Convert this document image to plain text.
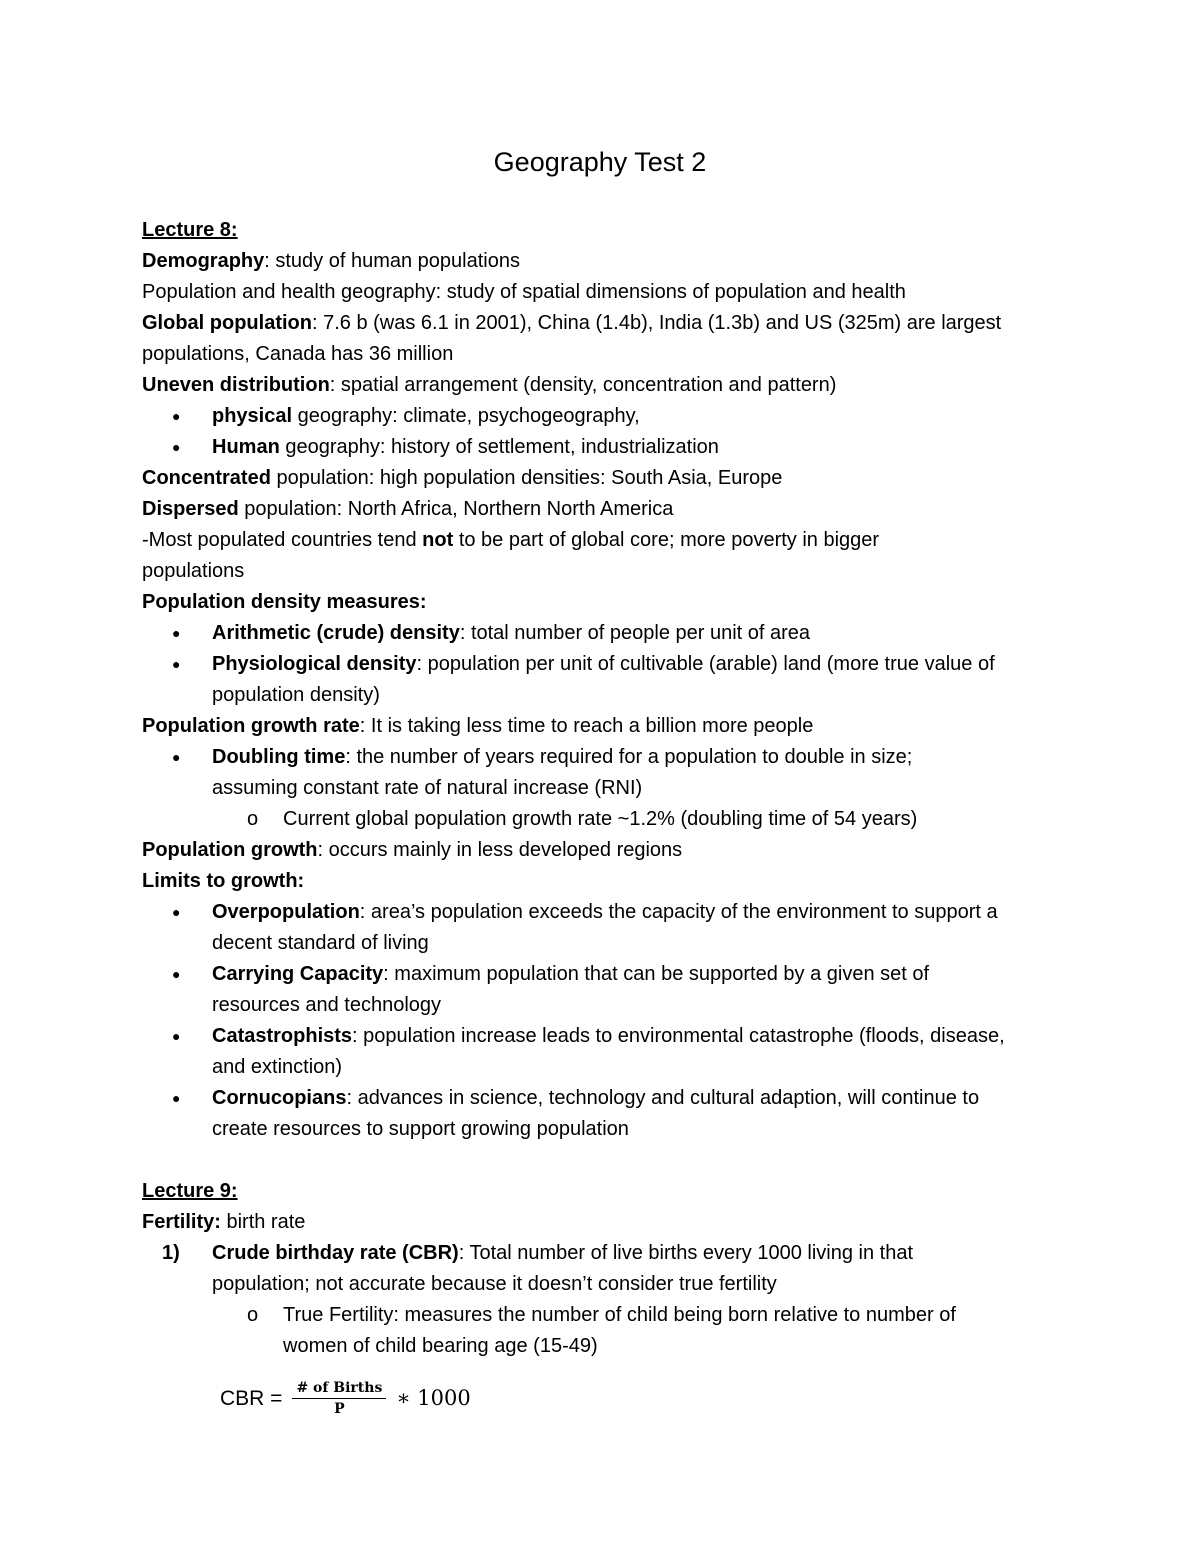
Geography Test 2

Lecture 8:

Demography: study of human populations

Population and health geography: study of spatial dimensions of population and health

Global population: 7.6 b (was 6.1 in 2001), China (1.4b), India (1.3b) and US (325m) are largest

populations, Canada has 36 million

Uneven distribution: spatial arrangement (density, concentration and pattern)

● physical geography: climate, psychogeography,

● Human geography: history of settlement, industrialization

Concentrated population: high population densities: South Asia, Europe

Dispersed population: North Africa, Northern North America

-Most populated countries tend not to be part of global core; more poverty in bigger

populations

Population density measures:

● Arithmetic (crude) density: total number of people per unit of area

● Physiological density: population per unit of cultivable (arable) land (more true value of
population density)

Population growth rate: It is taking less time to reach a billion more people

● Doubling time: the number of years required for a population to double in size;
assuming constant rate of natural increase (RNI)

o Current global population growth rate ~1.2% (doubling time of 54 years)

Population growth: occurs mainly in less developed regions

Limits to growth:

● Overpopulation: area’s population exceeds the capacity of the environment to support a
decent standard of living

● Carrying Capacity: maximum population that can be supported by a given set of
resources and technology

● Catastrophists: population increase leads to environmental catastrophe (floods, disease,
and extinction)

● Cornucopians: advances in science, technology and cultural adaption, will continue to
create resources to support growing population

Lecture 9:

Fertility: birth rate

1) Crude birthday rate (CBR): Total number of live births every 1000 living in that
population; not accurate because it doesn’t consider true fertility

o True Fertility: measures the number of child being born relative to number of
women of child bearing age (15-49)

CBR = $\frac{\text{\# of Births}}{P}$ ∗ 1000
